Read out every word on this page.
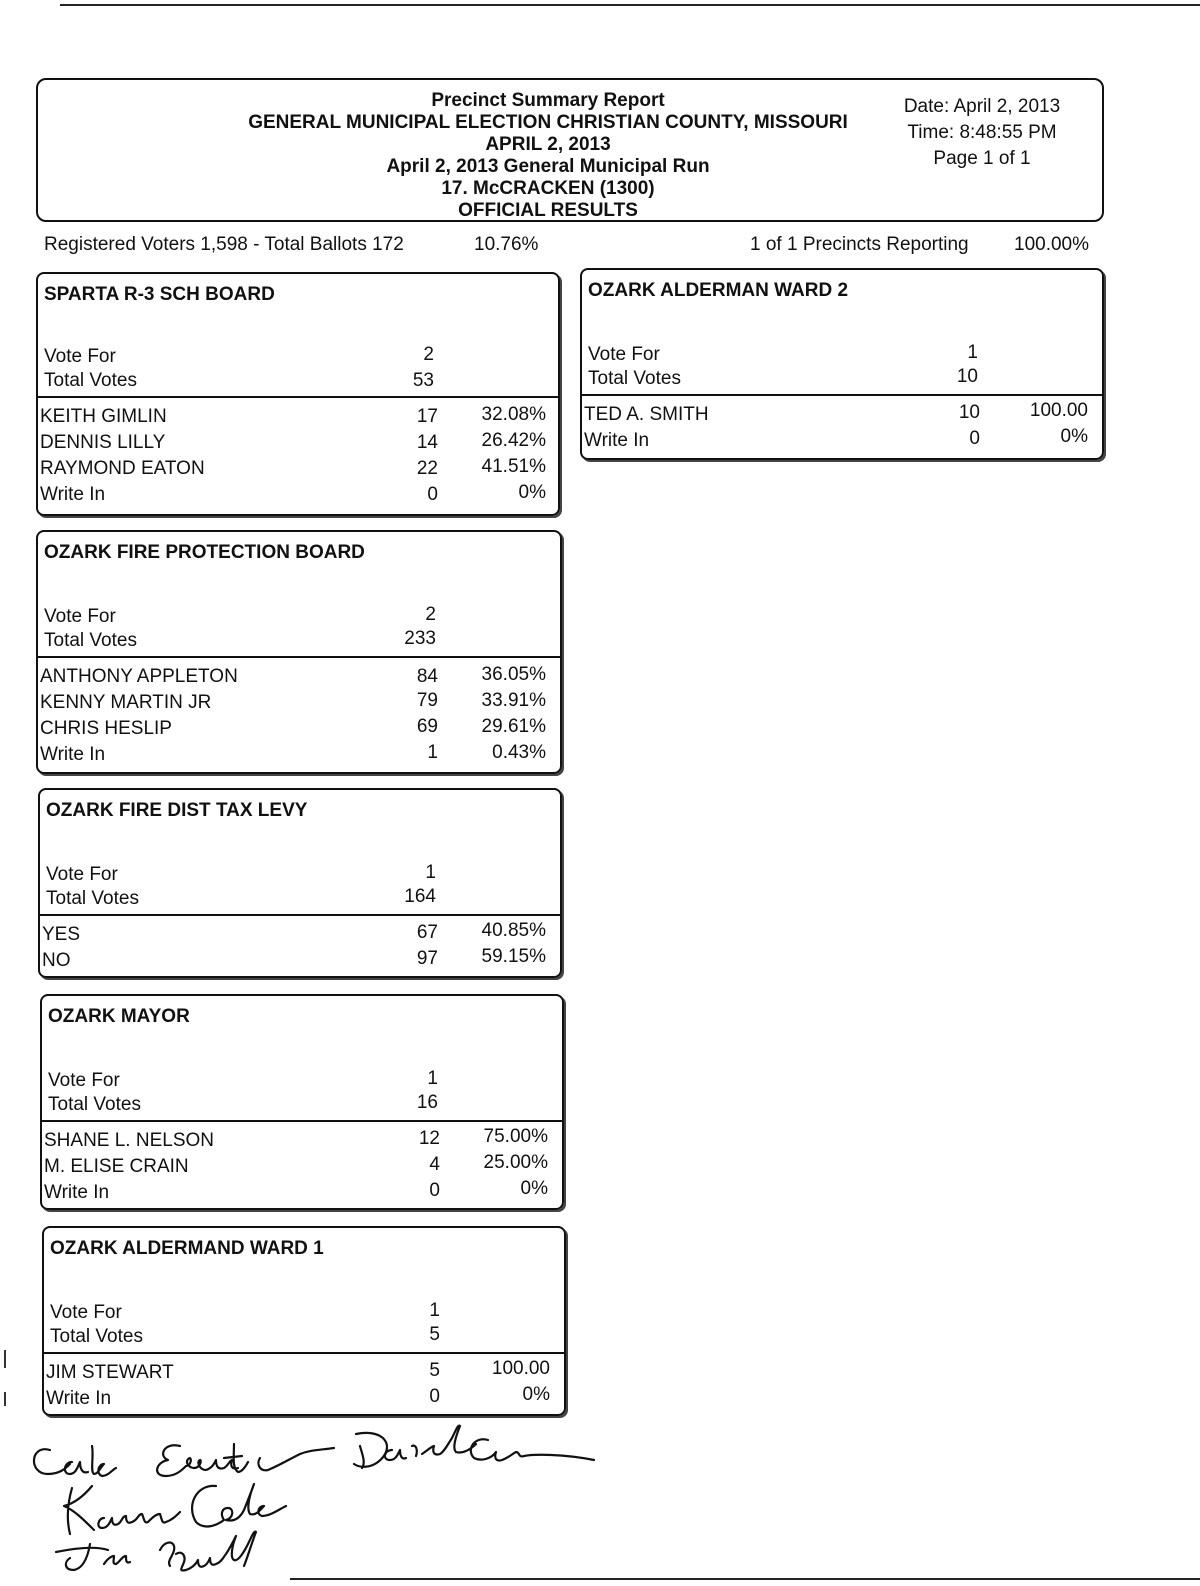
Precinct Summary Report
GENERAL MUNICIPAL ELECTION CHRISTIAN COUNTY, MISSOURI
APRIL 2, 2013
April 2, 2013 General Municipal Run
17. McCRACKEN (1300)
OFFICIAL RESULTS
Date: April 2, 2013
Time: 8:48:55 PM
Page 1 of 1
Registered Voters 1,598 - Total Ballots 172	10.76%	1 of 1 Precincts Reporting 100.00%
SPARTA R-3 SCH BOARD
Vote For	2
Total Votes	53
KEITH GIMLIN	17	32.08%
DENNIS LILLY	14	26.42%
RAYMOND EATON	22	41.51%
Write In	0	0%
OZARK FIRE PROTECTION BOARD
Vote For	2
Total Votes	233
ANTHONY APPLETON	84	36.05%
KENNY MARTIN JR	79	33.91%
CHRIS HESLIP	69	29.61%
Write In	1	0.43%
OZARK FIRE DIST TAX LEVY
Vote For	1
Total Votes	164
YES	67	40.85%
NO	97	59.15%
OZARK MAYOR
Vote For	1
Total Votes	16
SHANE L. NELSON	12	75.00%
M. ELISE CRAIN	4	25.00%
Write In	0	0%
OZARK ALDERMAND WARD 1
Vote For	1
Total Votes	5
JIM STEWART	5	100.00
Write In	0	0%
OZARK ALDERMAN WARD 2
Vote For	1
Total Votes	10
TED A. SMITH	10	100.00
Write In	0	0%
